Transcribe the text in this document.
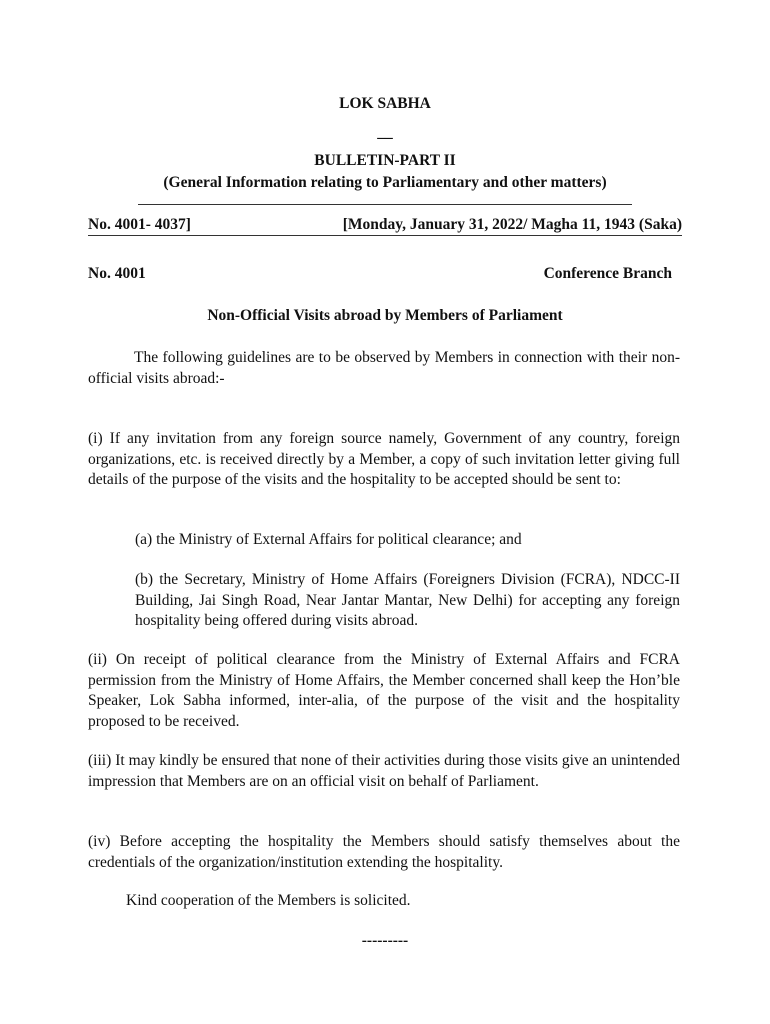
LOK SABHA
__
BULLETIN-PART II
(General Information relating to Parliamentary and other matters)
No. 4001- 4037]	[Monday, January 31, 2022/ Magha 11, 1943 (Saka)
No. 4001	Conference Branch
Non-Official Visits abroad by Members of Parliament

The following guidelines are to be observed by Members in connection with their non-official visits abroad:-

(i) If any invitation from any foreign source namely, Government of any country, foreign organizations, etc. is received directly by a Member, a copy of such invitation letter giving full details of the purpose of the visits and the hospitality to be accepted should be sent to:

(a) the Ministry of External Affairs for political clearance; and

(b) the Secretary, Ministry of Home Affairs (Foreigners Division (FCRA), NDCC-II Building, Jai Singh Road, Near Jantar Mantar, New Delhi) for accepting any foreign hospitality being offered during visits abroad.

(ii) On receipt of political clearance from the Ministry of External Affairs and FCRA permission from the Ministry of Home Affairs, the Member concerned shall keep the Hon’ble Speaker, Lok Sabha informed, inter-alia, of the purpose of the visit and the hospitality proposed to be received.

(iii) It may kindly be ensured that none of their activities during those visits give an unintended impression that Members are on an official visit on behalf of Parliament.

(iv) Before accepting the hospitality the Members should satisfy themselves about the credentials of the organization/institution extending the hospitality.

Kind cooperation of the Members is solicited.

---------
